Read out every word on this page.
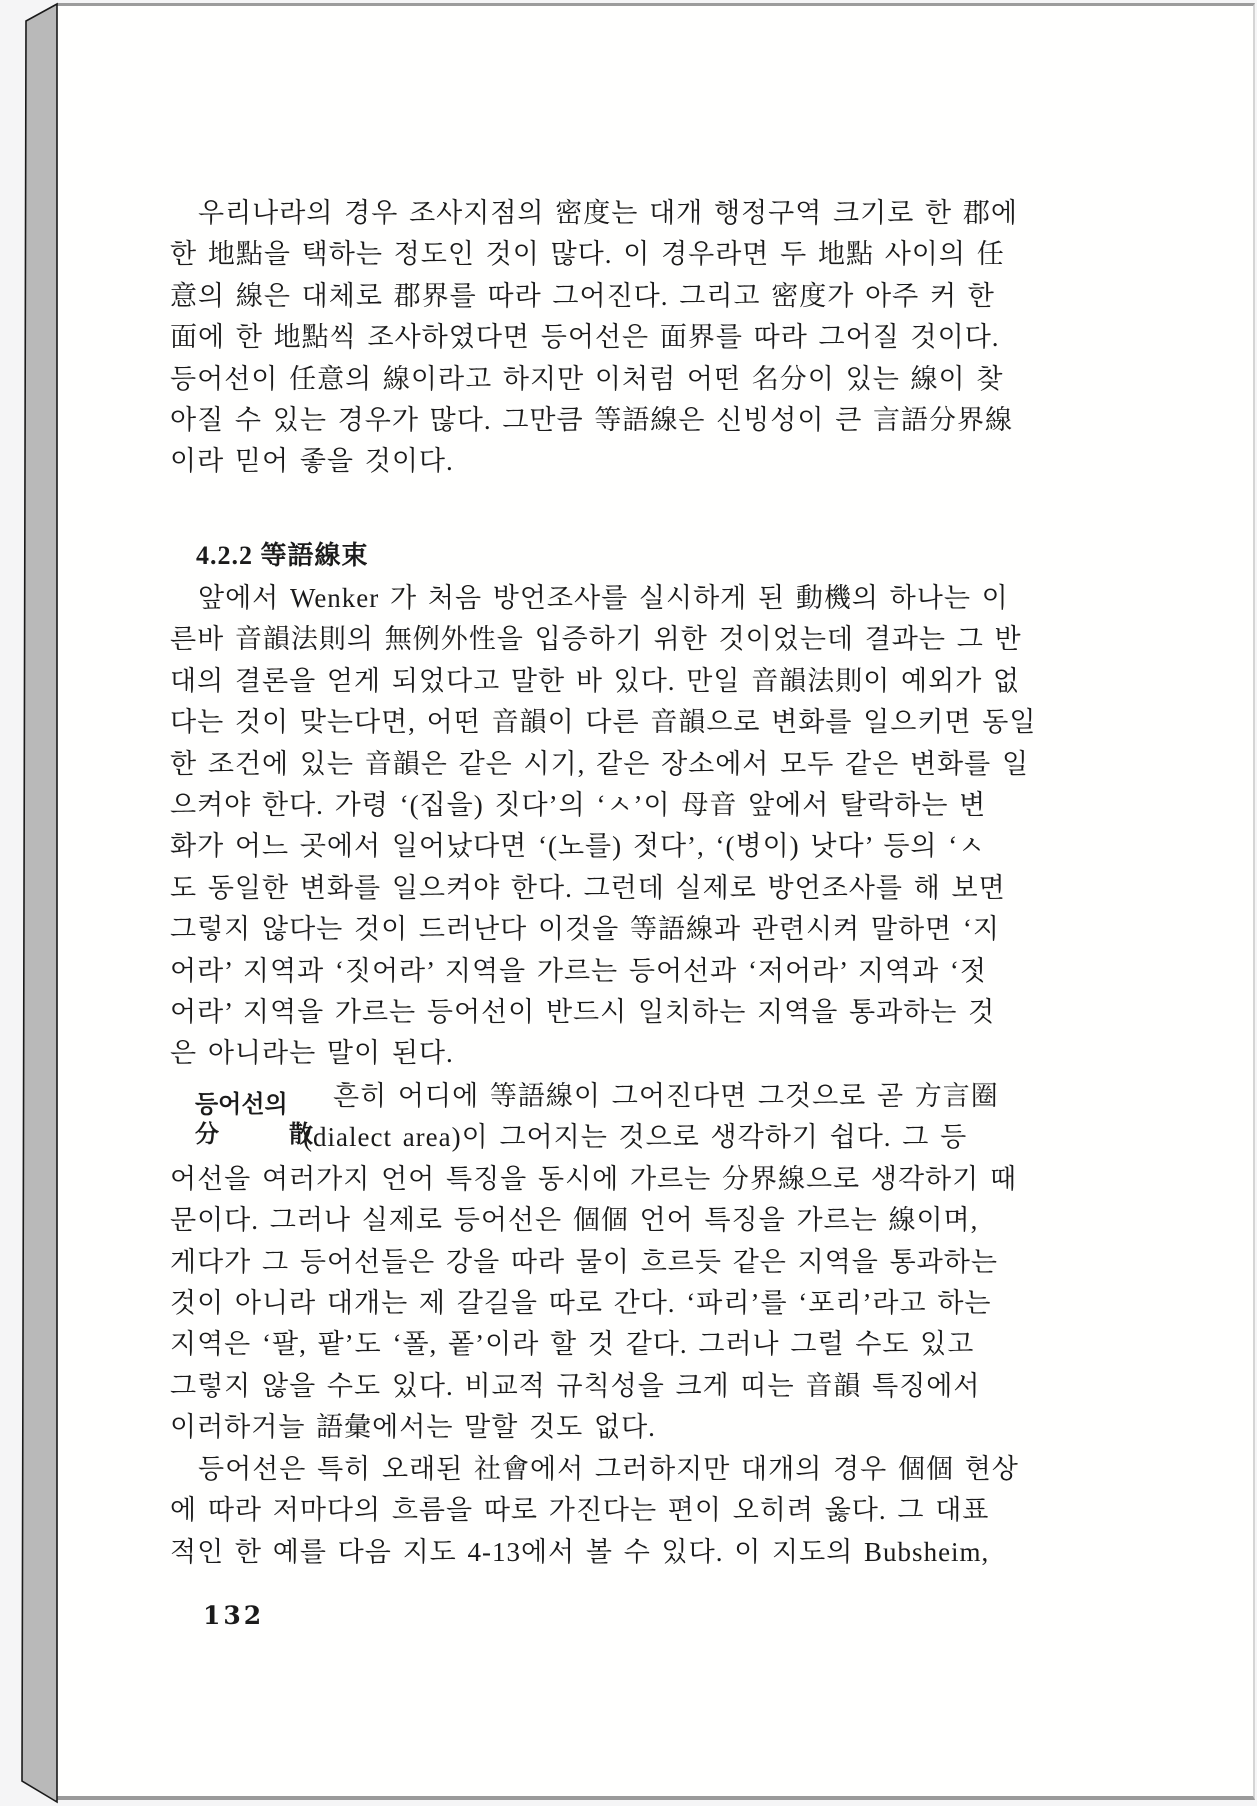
우리나라의 경우 조사지점의 密度는 대개 행정구역 크기로 한 郡에
한 地點을 택하는 정도인 것이 많다. 이 경우라면 두 地點 사이의 任
意의 線은 대체로 郡界를 따라 그어진다. 그리고 密度가 아주 커 한
面에 한 地點씩 조사하였다면 등어선은 面界를 따라 그어질 것이다.
등어선이 任意의 線이라고 하지만 이처럼 어떤 名分이 있는 線이 찾
아질 수 있는 경우가 많다. 그만큼 等語線은 신빙성이 큰 言語分界線
이라 믿어 좋을 것이다.
4.2.2 等語線束
앞에서 Wenker 가 처음 방언조사를 실시하게 된 動機의 하나는 이
른바 音韻法則의 無例外性을 입증하기 위한 것이었는데 결과는 그 반
대의 결론을 얻게 되었다고 말한 바 있다. 만일 音韻法則이 예외가 없
다는 것이 맞는다면, 어떤 音韻이 다른 音韻으로 변화를 일으키면 동일
한 조건에 있는 音韻은 같은 시기, 같은 장소에서 모두 같은 변화를 일
으켜야 한다. 가령 ‘(집을) 짓다’의 ‘ㅅ’이 母音 앞에서 탈락하는 변
화가 어느 곳에서 일어났다면 ‘(노를) 젓다’, ‘(병이) 낫다’ 등의 ‘ㅅ
도 동일한 변화를 일으켜야 한다. 그런데 실제로 방언조사를 해 보면
그렇지 않다는 것이 드러난다 이것을 等語線과 관련시켜 말하면 ‘지
어라’ 지역과 ‘짓어라’ 지역을 가르는 등어선과 ‘저어라’ 지역과 ‘젓
어라’ 지역을 가르는 등어선이 반드시 일치하는 지역을 통과하는 것
은 아니라는 말이 된다.
등어선의
分 散
흔히 어디에 等語線이 그어진다면 그것으로 곧 方言圈
(dialect area)이 그어지는 것으로 생각하기 쉽다. 그 등
어선을 여러가지 언어 특징을 동시에 가르는 分界線으로 생각하기 때
문이다. 그러나 실제로 등어선은 個個 언어 특징을 가르는 線이며,
게다가 그 등어선들은 강을 따라 물이 흐르듯 같은 지역을 통과하는
것이 아니라 대개는 제 갈길을 따로 간다. ‘파리’를 ‘포리’라고 하는
지역은 ‘팔, 팥’도 ‘폴, 퐅’이라 할 것 같다. 그러나 그럴 수도 있고
그렇지 않을 수도 있다. 비교적 규칙성을 크게 띠는 音韻 특징에서
이러하거늘 語彙에서는 말할 것도 없다.
등어선은 특히 오래된 社會에서 그러하지만 대개의 경우 個個 현상
에 따라 저마다의 흐름을 따로 가진다는 편이 오히려 옳다. 그 대표
적인 한 예를 다음 지도 4-13에서 볼 수 있다. 이 지도의 Bubsheim,
132
